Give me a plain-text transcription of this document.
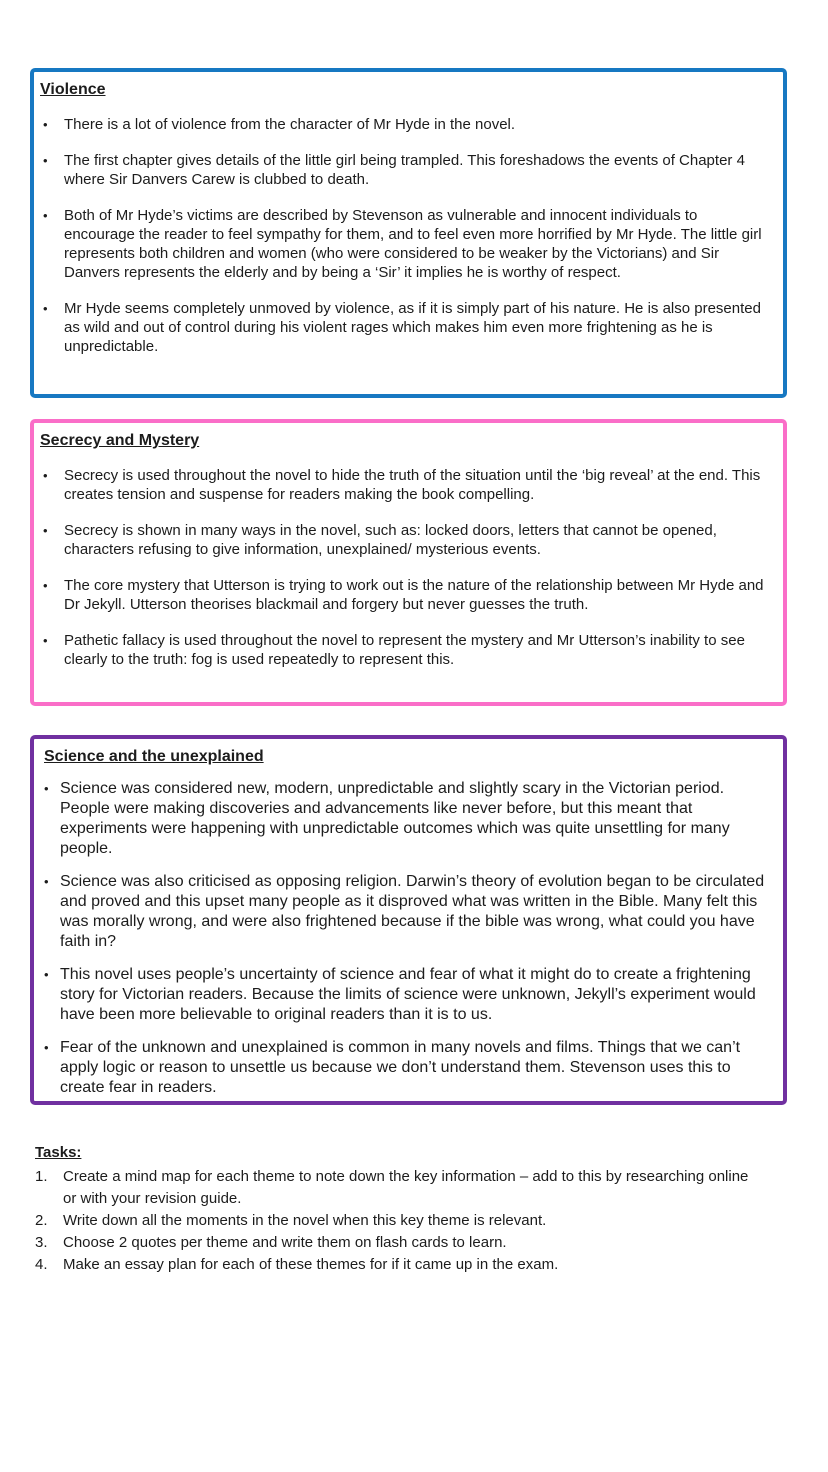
Violence
•	There is a lot of violence from the character of Mr Hyde in the novel.
•	The first chapter gives details of the little girl being trampled. This foreshadows the events of Chapter 4 where Sir Danvers Carew is clubbed to death.
•	Both of Mr Hyde’s victims are described by Stevenson as vulnerable and innocent individuals to encourage the reader to feel sympathy for them, and to feel even more horrified by Mr Hyde. The little girl represents both children and women (who were considered to be weaker by the Victorians) and Sir Danvers represents the elderly and by being a ‘Sir’ it implies he is worthy of respect.
•	Mr Hyde seems completely unmoved by violence, as if it is simply part of his nature. He is also presented as wild and out of control during his violent rages which makes him even more frightening as he is unpredictable.
Secrecy and Mystery
•	Secrecy is used throughout the novel to hide the truth of the situation until the ‘big reveal’ at the end. This creates tension and suspense for readers making the book compelling.
•	Secrecy is shown in many ways in the novel, such as: locked doors, letters that cannot be opened, characters refusing to give information, unexplained/ mysterious events.
•	The core mystery that Utterson is trying to work out is the nature of the relationship between Mr Hyde and Dr Jekyll. Utterson theorises blackmail and forgery but never guesses the truth.
•	Pathetic fallacy is used throughout the novel to represent the mystery and Mr Utterson’s inability to see clearly to the truth: fog is used repeatedly to represent this.
Science and the unexplained
• Science was considered new, modern, unpredictable and slightly scary in the Victorian period. People were making discoveries and advancements like never before, but this meant that experiments were happening with unpredictable outcomes which was quite unsettling for many people.
• Science was also criticised as opposing religion. Darwin’s theory of evolution began to be circulated and proved and this upset many people as it disproved what was written in the Bible. Many felt this was morally wrong, and were also frightened because if the bible was wrong, what could you have faith in?
• This novel uses people’s uncertainty of science and fear of what it might do to create a frightening story for Victorian readers. Because the limits of science were unknown, Jekyll’s experiment would have been more believable to original readers than it is to us.
• Fear of the unknown and unexplained is common in many novels and films. Things that we can’t apply logic or reason to unsettle us because we don’t understand them. Stevenson uses this to create fear in readers.
Tasks:
1.	Create a mind map for each theme to note down the key information – add to this by researching online or with your revision guide.
2.	Write down all the moments in the novel when this key theme is relevant.
3.	Choose 2 quotes per theme and write them on flash cards to learn.
4.	Make an essay plan for each of these themes for if it came up in the exam.
